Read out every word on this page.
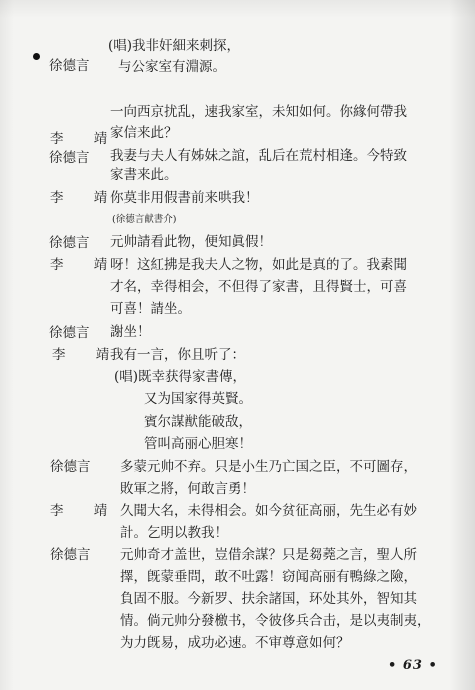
徐德言
李 靖
徐德言
李 靖
徐德言
李 靖
徐德言
李 靖
徐德言
李 靖
徐德言
(唱)我非奸細来刺探，
与公家室有淵源。
一向西京扰乱，速我家室，未知如何。你緣何帶我
家信来此？
我妻与夫人有姊妹之誼，乱后在荒村相逢。今特致
家書来此。
你莫非用假書前来哄我！
(徐德言献書介)
元帅請看此物，便知眞假！
呀！这紅拂是我夫人之物，如此是真的了。我素聞
才名，幸得相会，不但得了家書，且得賢士，可喜
可喜！請坐。
謝坐！
我有一言，你且听了：
(唱)既幸获得家書傳，
又为国家得英賢。
賓尔謀猷能破敌，
管叫高丽心胆寒！
多蒙元帅不弃。只是小生乃亡国之臣，不可圖存，
敗軍之將，何敢言勇！
久聞大名，未得相会。如今贫征高丽，先生必有妙
計。乞明以教我！
元帅奇才盖世，豈借余謀？只是芻蕘之言，聖人所
擇，旣蒙垂問，敢不吐露！窃闻高丽有鴨綠之險，
負固不服。今新罗、扶余諸国，环处其外，智知其
情。倘元帅分發檄书，令彼侈兵合击，是以夷制夷，
为力旣易，成功必速。不审尊意如何？
• 63 •
